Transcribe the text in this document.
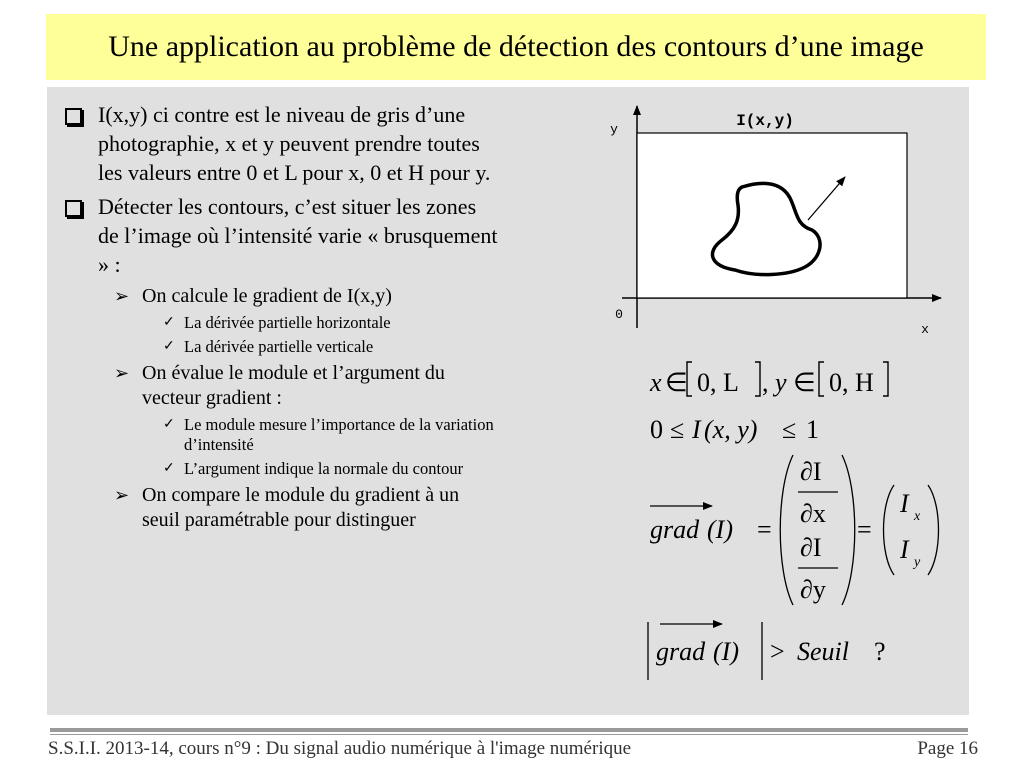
Une application au problème de détection des contours d’une image
I(x,y) ci contre est le niveau de gris d’une photographie, x et y peuvent prendre toutes les valeurs entre 0 et L pour x, 0 et H pour y.
Détecter les contours, c’est situer les zones de l’image où l’intensité varie « brusquement » :
➢ On calcule le gradient de I(x,y)
✓ La dérivée partielle horizontale
✓ La dérivée partielle verticale
➢ On évalue le module et l’argument du vecteur gradient :
✓ Le module mesure l’importance de la variation d’intensité
✓ L’argument indique la normale du contour
➢ On compare le module du gradient à un seuil paramétrable pour distinguer
I(x,y)
y
x
0
x ∈ 0, L , y ∈ 0, H
0 ≤ I (x, y) ≤ 1
grad (I) =
∂I
∂x
∂I
∂y
=
I x
I y
grad (I) > Seuil ?
S.S.I.I. 2013-14, cours n°9 : Du signal audio numérique à l'image numérique	Page 16
